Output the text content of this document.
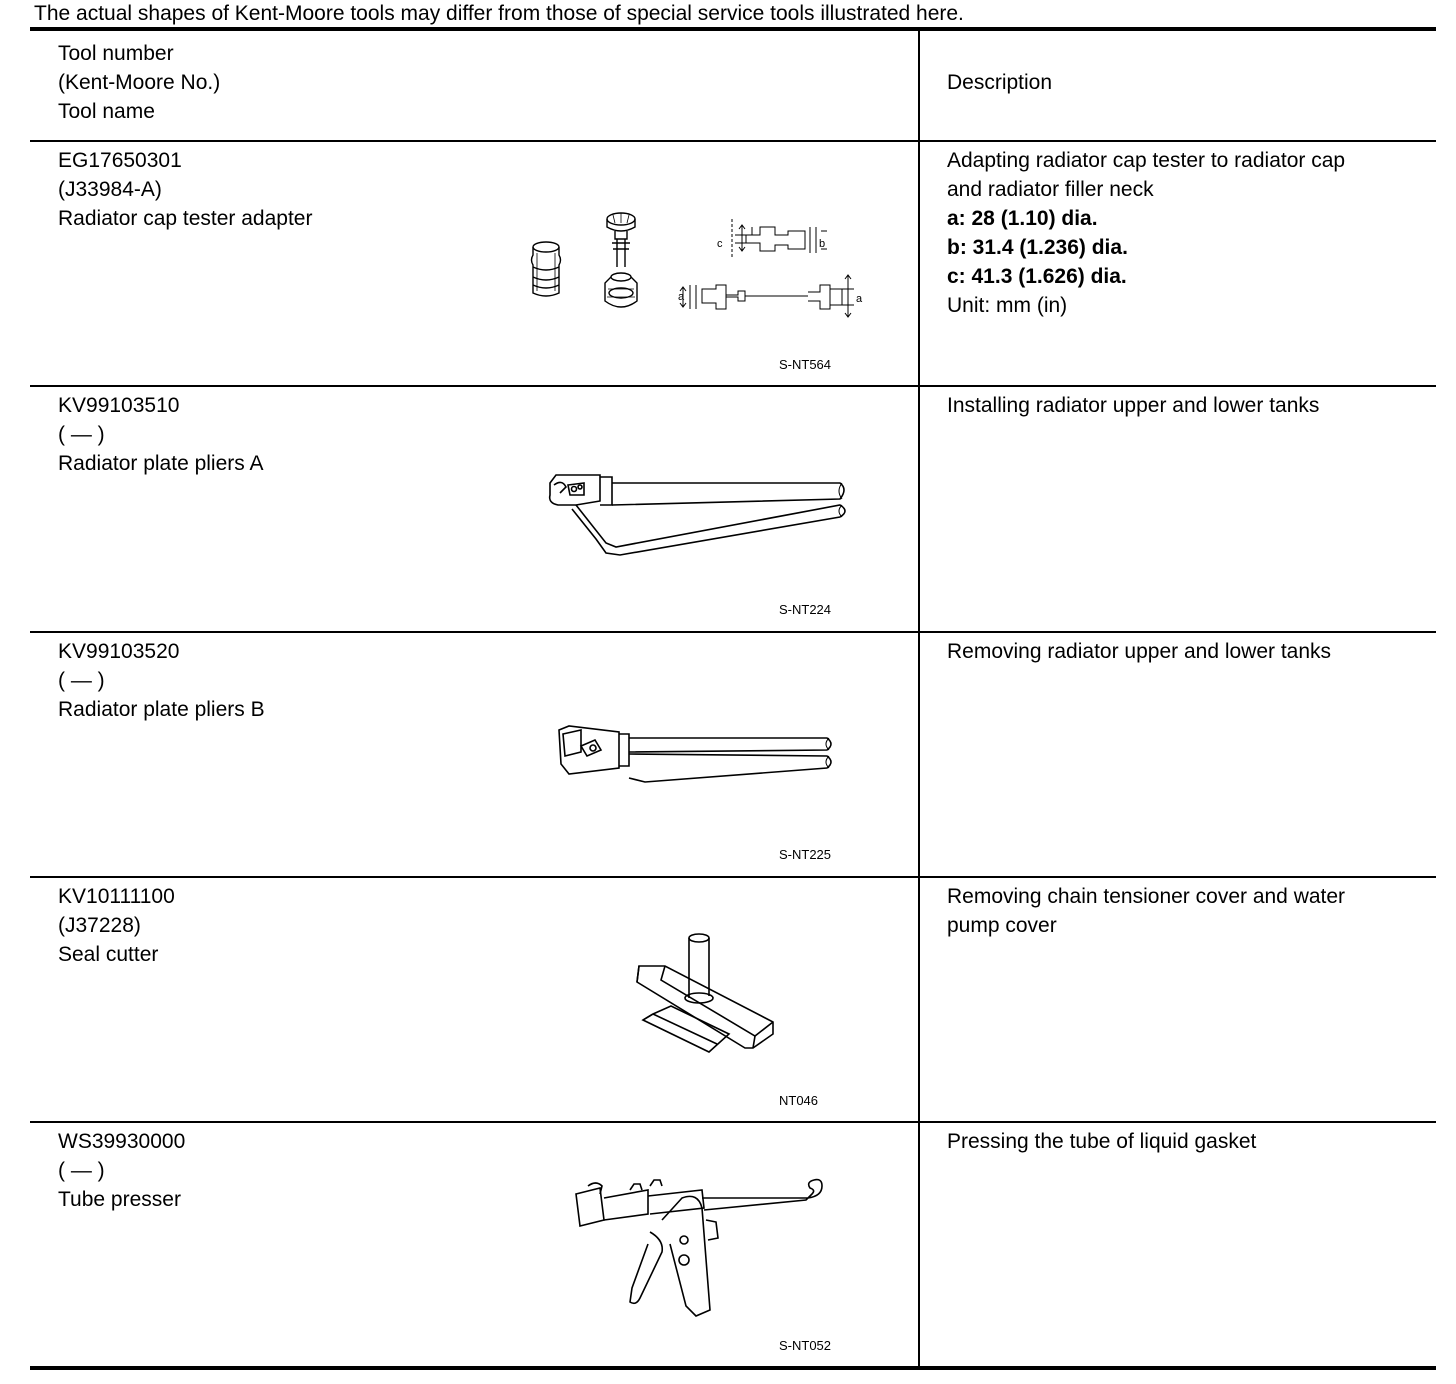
The actual shapes of Kent-Moore tools may differ from those of special service tools illustrated here.
Tool number
(Kent-Moore No.)
Tool name
Description
EG17650301
(J33984-A)
Radiator cap tester adapter
Adapting radiator cap tester to radiator cap
and radiator filler neck
a: 28 (1.10) dia.
b: 31.4 (1.236) dia.
c: 41.3 (1.626) dia.
Unit: mm (in)
c	b
a	a
S-NT564
KV99103510
( — )
Radiator plate pliers A
Installing radiator upper and lower tanks
S-NT224
KV99103520
( — )
Radiator plate pliers B
Removing radiator upper and lower tanks
S-NT225
KV10111100
(J37228)
Seal cutter
Removing chain tensioner cover and water
pump cover
NT046
WS39930000
( — )
Tube presser
Pressing the tube of liquid gasket
S-NT052
